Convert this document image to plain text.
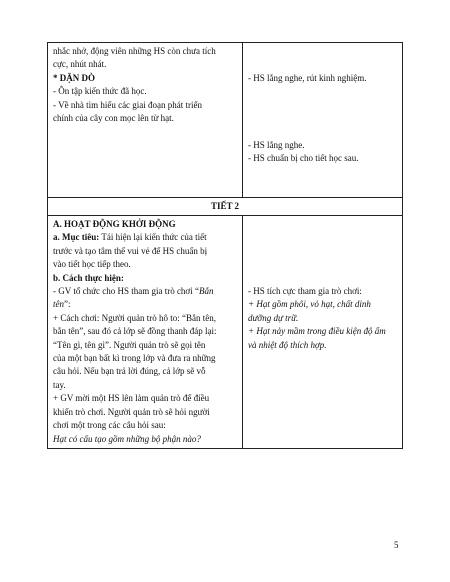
nhắc nhở, động viên những HS còn chưa tích
cực, nhút nhát.
* DẶN DÒ
- Ôn tập kiến thức đã học.
- Về nhà tìm hiểu các giai đoạn phát triển
chính của cây con mọc lên từ hạt.
- HS lắng nghe, rút kinh nghiệm.
- HS lắng nghe.
- HS chuẩn bị cho tiết học sau.
TIẾT 2
A. HOẠT ĐỘNG KHỞI ĐỘNG
a. Mục tiêu: Tái hiện lại kiến thức của tiết
trước và tạo tâm thế vui vẻ để HS chuẩn bị
vào tiết học tiếp theo.
b. Cách thực hiện:
- GV tổ chức cho HS tham gia trò chơi “Bắn
tên”:
+ Cách chơi: Người quản trò hô to: “Bắn tên,
bắn tên”, sau đó cả lớp sẽ đồng thanh đáp lại:
“Tên gì, tên gì”. Người quản trò sẽ gọi tên
của một bạn bất kì trong lớp và đưa ra những
câu hỏi. Nếu bạn trả lời đúng, cả lớp sẽ vỗ
tay.
+ GV mời một HS lên làm quản trò để điều
khiển trò chơi. Người quản trò sẽ hỏi người
chơi một trong các câu hỏi sau:
Hạt có cấu tạo gồm những bộ phận nào?
- HS tích cực tham gia trò chơi:
+ Hạt gồm phôi, vỏ hạt, chất dinh
dưỡng dự trữ.
+ Hạt nảy mầm trong điều kiện độ ẩm
và nhiệt độ thích hợp.
5
